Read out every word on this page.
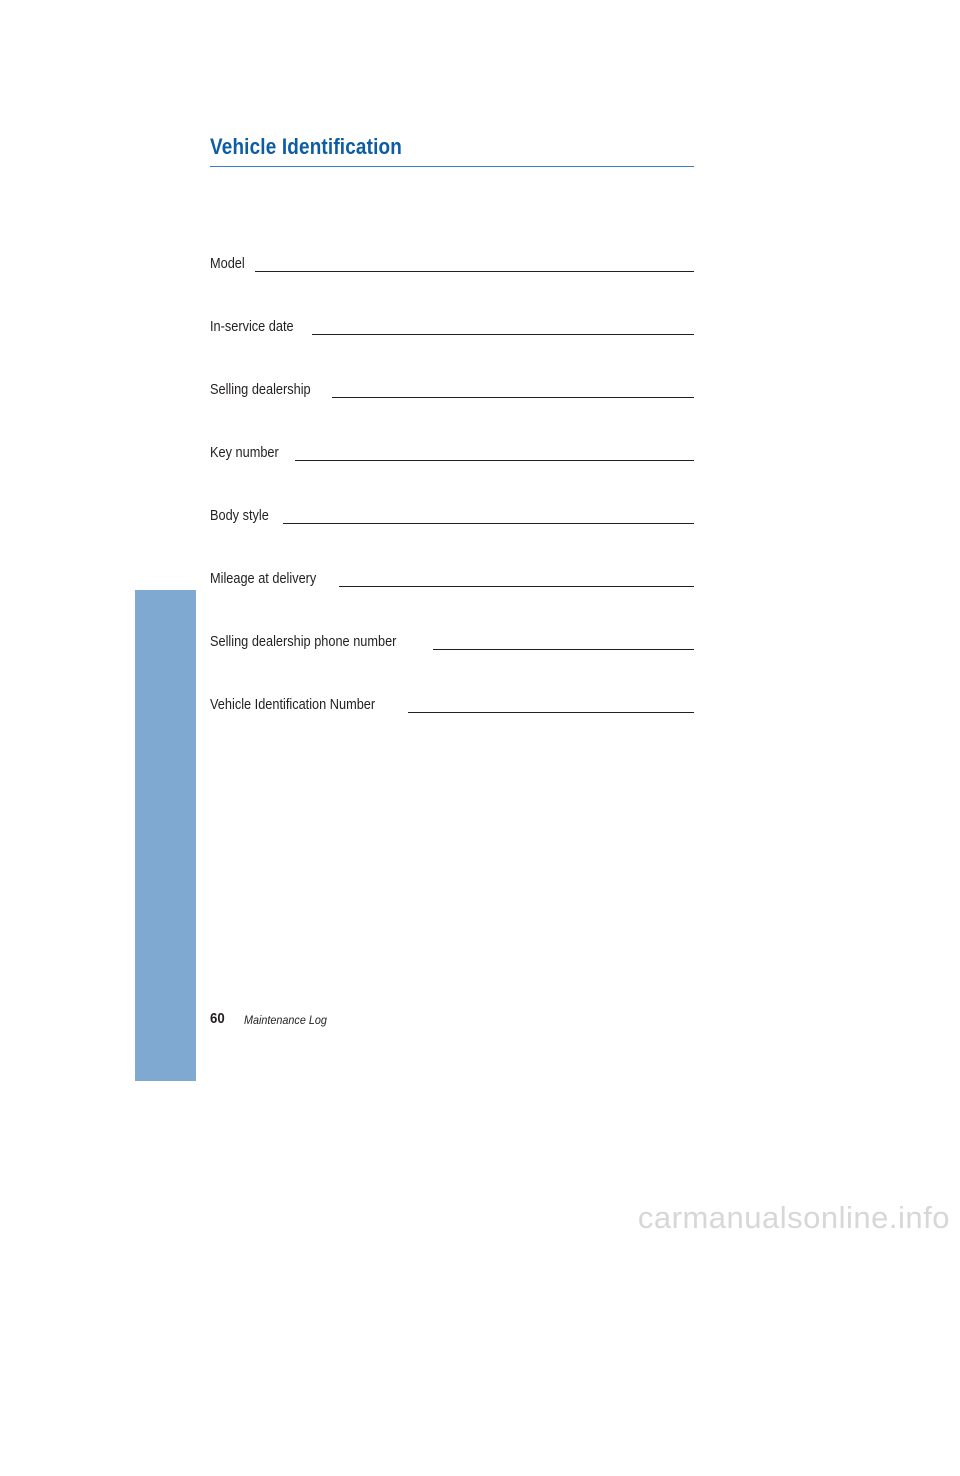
Vehicle Identification
Model
In-service date
Selling dealership
Key number
Body style
Mileage at delivery
Selling dealership phone number
Vehicle Identification Number
MAINTENANCE
60 Maintenance Log
carmanualsonline.info
